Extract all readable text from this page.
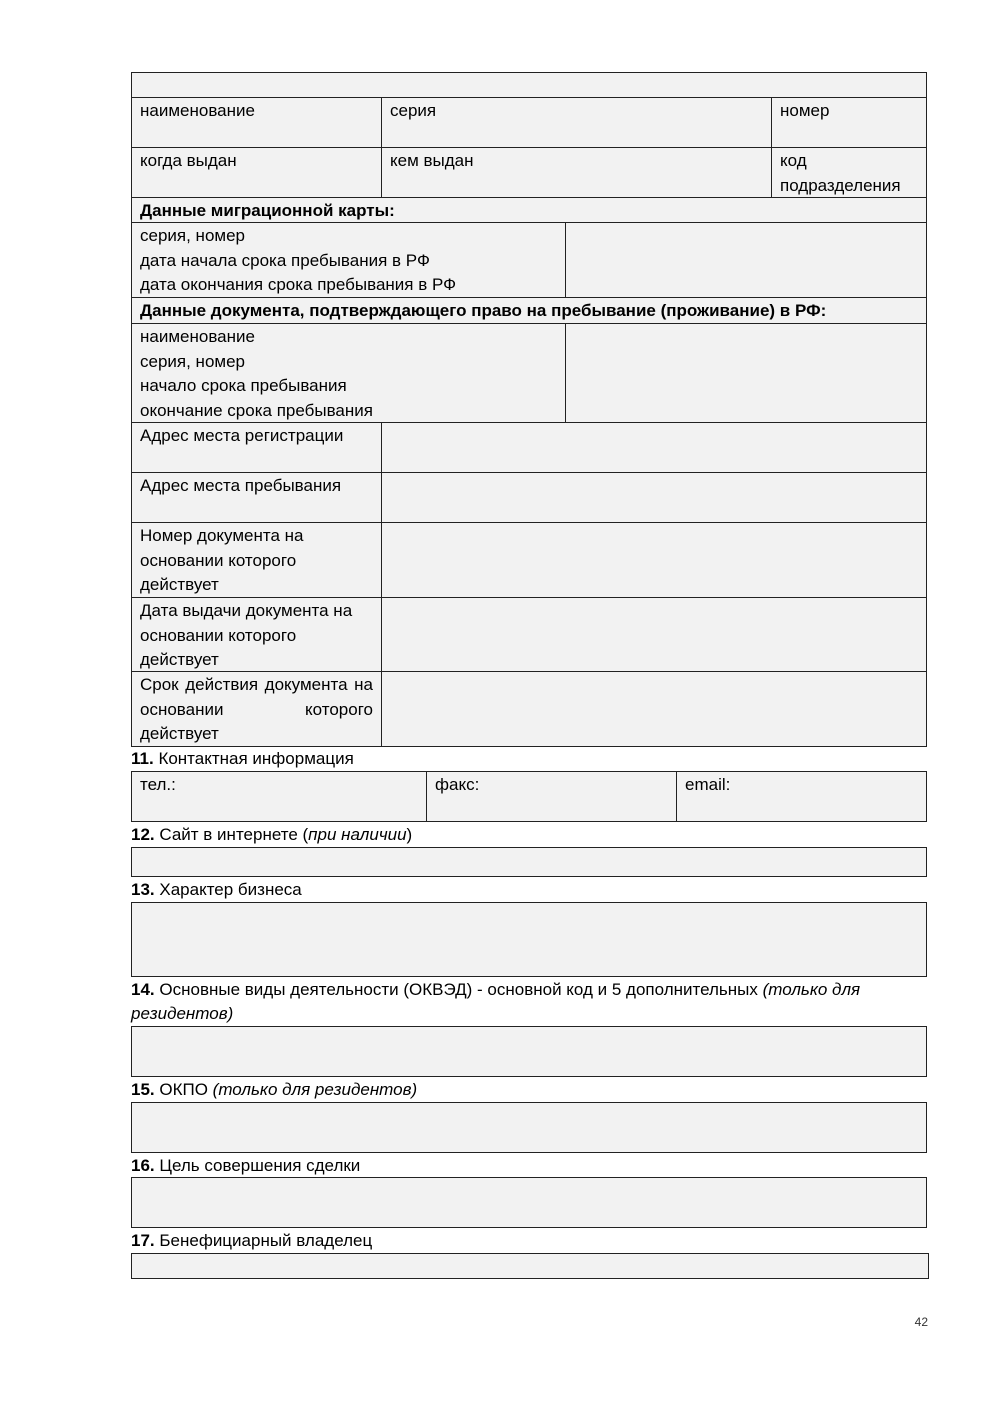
наименование	серия	номер
когда выдан	кем выдан	код подразделения
Данные миграционной карты:
серия, номер
дата начала срока пребывания в РФ
дата окончания срока пребывания в РФ
Данные документа, подтверждающего право на пребывание (проживание) в РФ:
наименование
серия, номер
начало срока пребывания
окончание срока пребывания
Адрес места регистрации
Адрес места пребывания
Номер документа на основании которого действует
Дата выдачи документа на основании которого действует
Срок действия документа на основании которого действует
11. Контактная информация
тел.:	факс:	email:
12. Сайт в интернете (при наличии)
13. Характер бизнеса
14. Основные виды деятельности (ОКВЭД) - основной код и 5 дополнительных (только для
резидентов)
15. ОКПО (только для резидентов)
16. Цель совершения сделки
17. Бенефициарный владелец
42
